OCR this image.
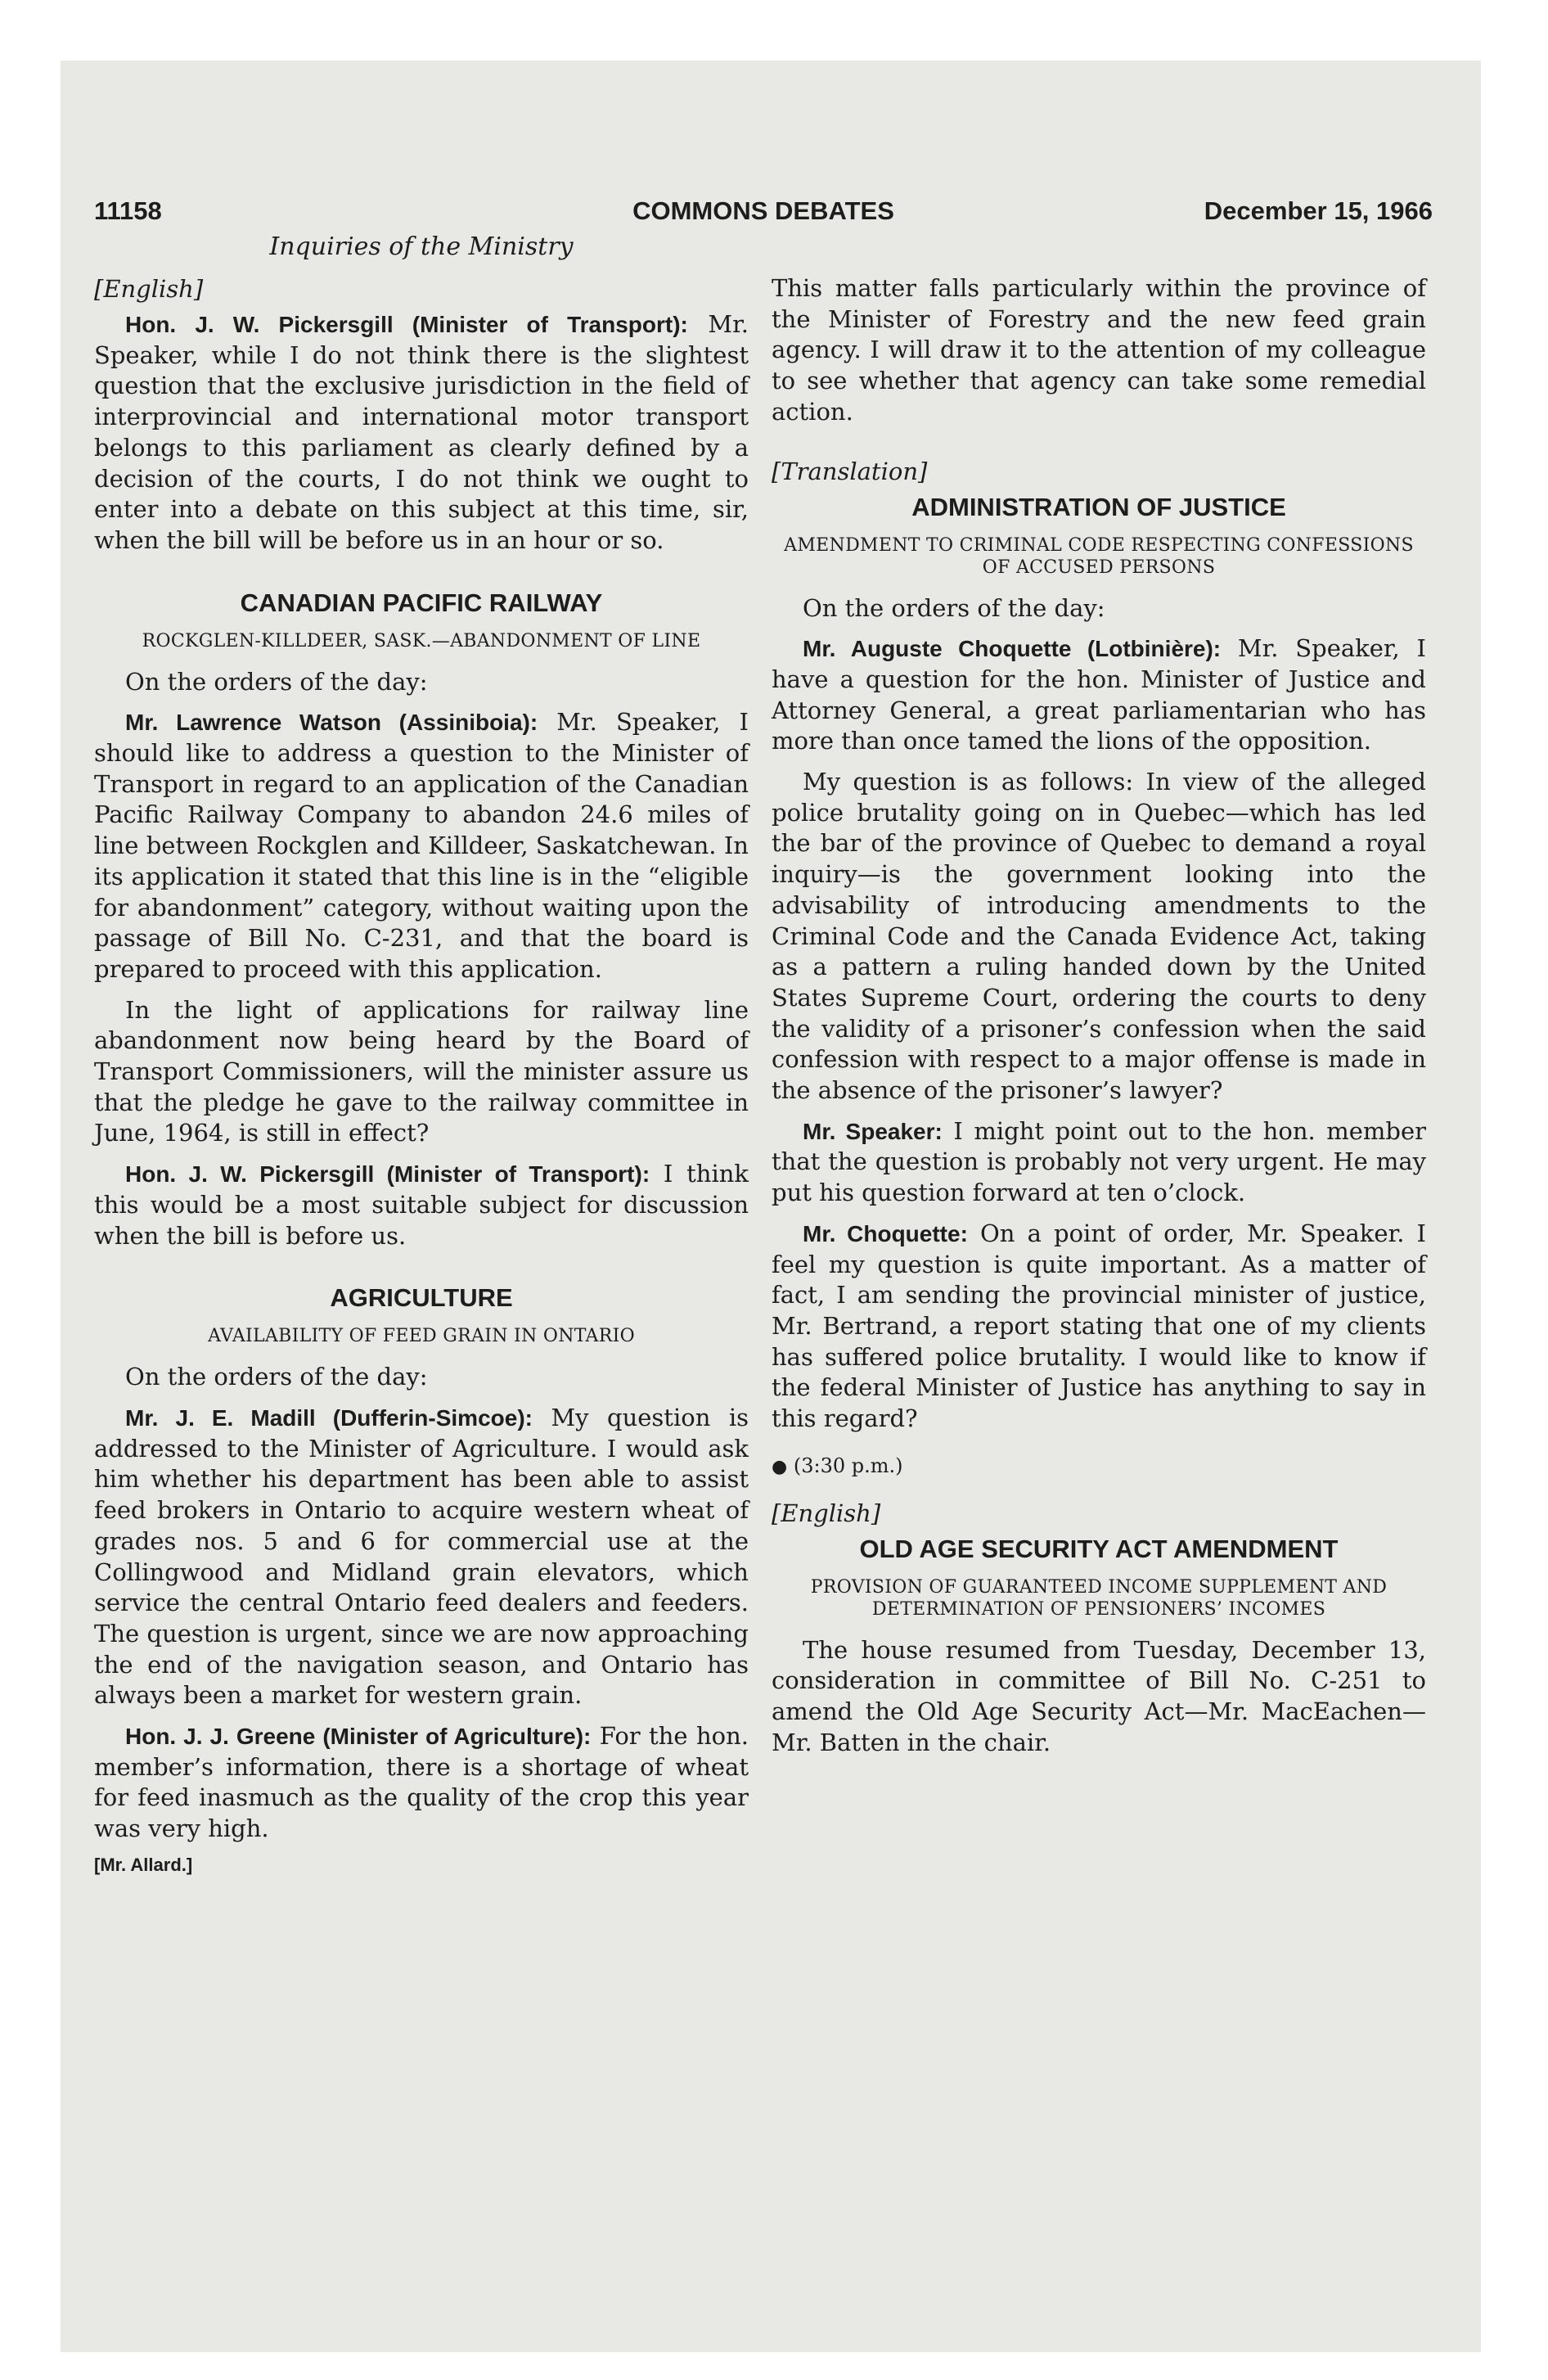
11158	COMMONS DEBATES	December 15, 1966
Inquiries of the Ministry
[English]

Hon. J. W. Pickersgill (Minister of Transport): Mr. Speaker, while I do not think there is the slightest question that the exclusive jurisdiction in the field of interprovincial and international motor transport belongs to this parliament as clearly defined by a decision of the courts, I do not think we ought to enter into a debate on this subject at this time, sir, when the bill will be before us in an hour or so.

CANADIAN PACIFIC RAILWAY
ROCKGLEN-KILLDEER, SASK.—ABANDONMENT OF LINE

On the orders of the day:

Mr. Lawrence Watson (Assiniboia): Mr. Speaker, I should like to address a question to the Minister of Transport in regard to an application of the Canadian Pacific Railway Company to abandon 24.6 miles of line between Rockglen and Killdeer, Saskatchewan. In its application it stated that this line is in the “eligible for abandonment” category, without waiting upon the passage of Bill No. C-231, and that the board is prepared to proceed with this application.

In the light of applications for railway line abandonment now being heard by the Board of Transport Commissioners, will the minister assure us that the pledge he gave to the railway committee in June, 1964, is still in effect?

Hon. J. W. Pickersgill (Minister of Transport): I think this would be a most suitable subject for discussion when the bill is before us.

AGRICULTURE
AVAILABILITY OF FEED GRAIN IN ONTARIO

On the orders of the day:

Mr. J. E. Madill (Dufferin-Simcoe): My question is addressed to the Minister of Agriculture. I would ask him whether his department has been able to assist feed brokers in Ontario to acquire western wheat of grades nos. 5 and 6 for commercial use at the Collingwood and Midland grain elevators, which service the central Ontario feed dealers and feeders. The question is urgent, since we are now approaching the end of the navigation season, and Ontario has always been a market for western grain.

Hon. J. J. Greene (Minister of Agriculture): For the hon. member’s information, there is a shortage of wheat for feed inasmuch as the quality of the crop this year was very high.

[Mr. Allard.]

This matter falls particularly within the province of the Minister of Forestry and the new feed grain agency. I will draw it to the attention of my colleague to see whether that agency can take some remedial action.

[Translation]
ADMINISTRATION OF JUSTICE
AMENDMENT TO CRIMINAL CODE RESPECTING CONFESSIONS OF ACCUSED PERSONS

On the orders of the day:

Mr. Auguste Choquette (Lotbinière): Mr. Speaker, I have a question for the hon. Minister of Justice and Attorney General, a great parliamentarian who has more than once tamed the lions of the opposition.

My question is as follows: In view of the alleged police brutality going on in Quebec—which has led the bar of the province of Quebec to demand a royal inquiry—is the government looking into the advisability of introducing amendments to the Criminal Code and the Canada Evidence Act, taking as a pattern a ruling handed down by the United States Supreme Court, ordering the courts to deny the validity of a prisoner’s confession when the said confession with respect to a major offense is made in the absence of the prisoner’s lawyer?

Mr. Speaker: I might point out to the hon. member that the question is probably not very urgent. He may put his question forward at ten o’clock.

Mr. Choquette: On a point of order, Mr. Speaker. I feel my question is quite important. As a matter of fact, I am sending the provincial minister of justice, Mr. Bertrand, a report stating that one of my clients has suffered police brutality. I would like to know if the federal Minister of Justice has anything to say in this regard?

● (3:30 p.m.)

[English]
OLD AGE SECURITY ACT AMENDMENT
PROVISION OF GUARANTEED INCOME SUPPLEMENT AND DETERMINATION OF PENSIONERS’ INCOMES

The house resumed from Tuesday, December 13, consideration in committee of Bill No. C-251 to amend the Old Age Security Act—Mr. MacEachen—Mr. Batten in the chair.
